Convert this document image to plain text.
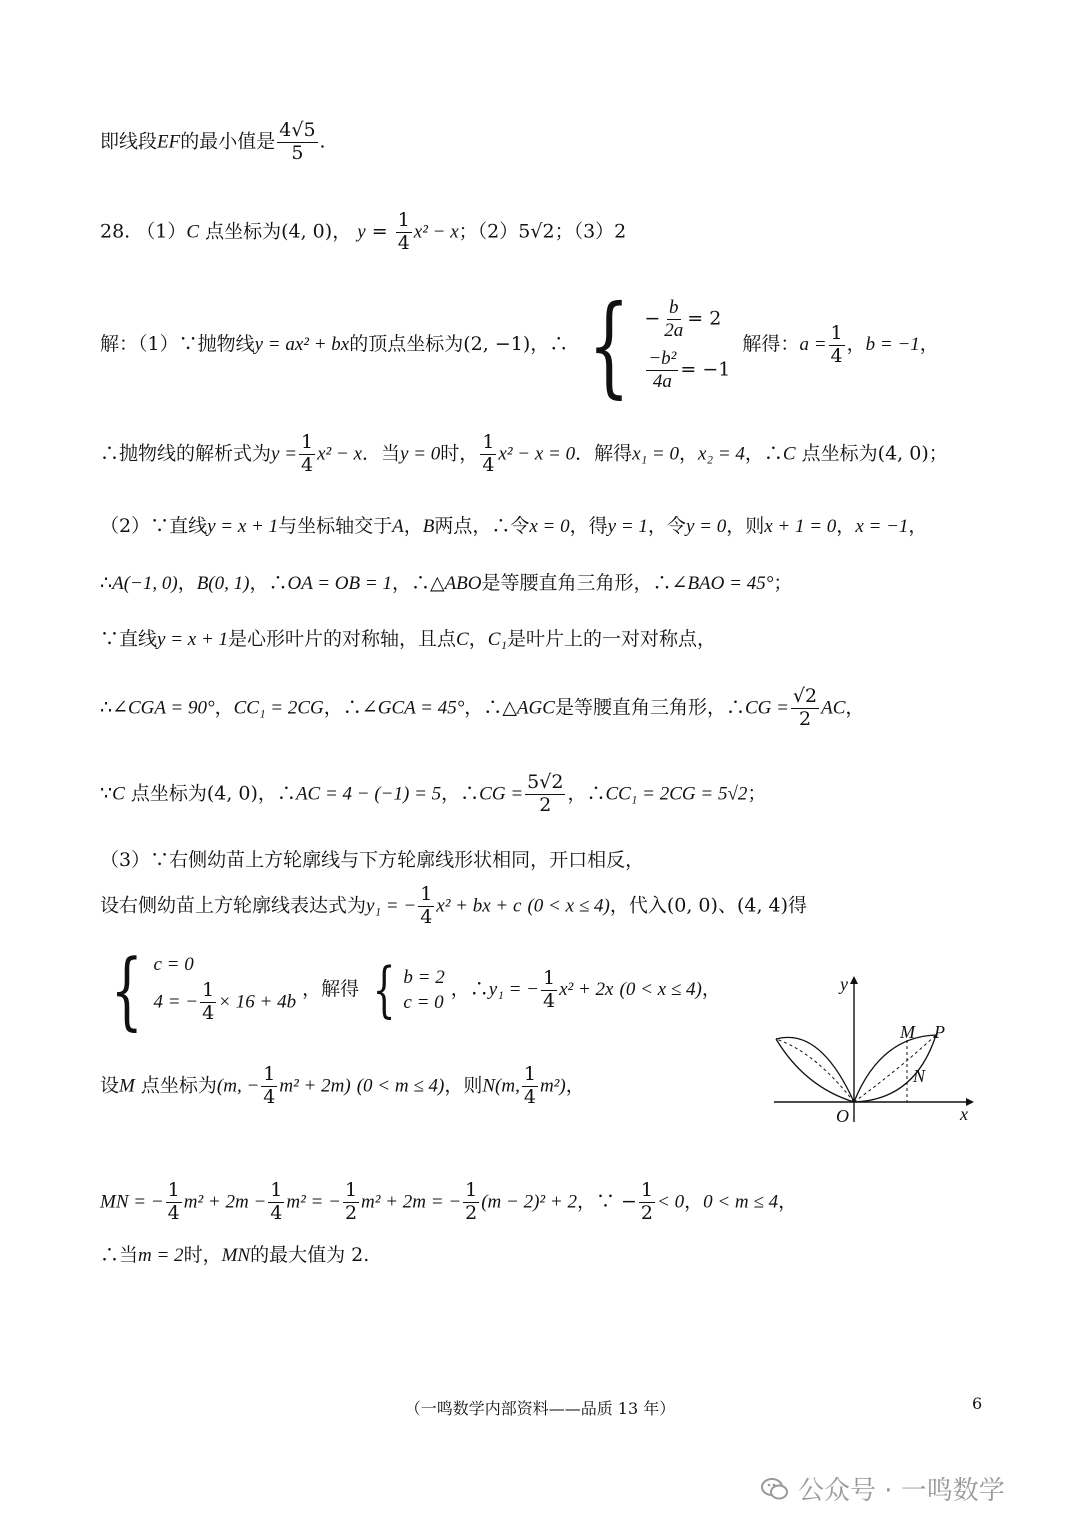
即线段EF的最小值是 $\frac{4√5}{5}$ .
28. （1）C 点坐标为(4, 0)， $y = \frac{1}{4} x^2 - x$；（2）5√2；（3）2
解：（1）∵抛物线y = ax² + bx的顶点坐标为(2, −1)，∴ { − $\frac{b}{2a} = 2$
$\frac{\text{−b²}}{4a} = -1$
解得：$a = \frac{1}{4}$ ，b = −1，
∴抛物线的解析式为$y = \frac{1}{4} x^2 - x$．当y = 0时， $\frac{1}{4} x^2 - x = 0$．解得x₁ = 0，x₂ = 4，∴C 点坐标为(4, 0)；
（2）∵直线y = x + 1与坐标轴交于A，B两点，∴令x = 0，得y = 1，令y = 0，则x + 1 = 0，x = −1，
∴A(−1, 0)，B(0, 1)，∴OA = OB = 1，∴△ABO是等腰直角三角形，∴∠BAO = 45°；
∵直线y = x + 1是心形叶片的对称轴，且点C，C₁是叶片上的一对对称点，
∴∠CGA = 90°，CC₁ = 2CG，∴∠GCA = 45°，∴△AGC是等腰直角三角形，∴CG = $\frac{√2}{2}$ AC，
∵C 点坐标为(4, 0)，∴AC = 4 − (−1) = 5，∴CG = $\frac{5√2}{2}$ ，∴CC₁ = 2CG = 5√2；
（3）∵右侧幼苗上方轮廓线与下方轮廓线形状相同，开口相反，
设右侧幼苗上方轮廓线表达式为y₁ = − $\frac{1}{4} x^2$ + bx + c (0 < x ≤ 4)，代入(0, 0)、(4, 4)得
{ c = 0
4 = − $\frac{1}{4} \times 16 + 4b$
，解得 { b = 2
c = 0
，∴y₁ = − $\frac{1}{4} x^2 + 2x$ (0 < x ≤ 4)，
设M 点坐标为(m, − $\frac{1}{4} m^2 + 2m$) (0 < m ≤ 4)，则N(m, $\frac{1}{4} m^2$)，
MN = − $\frac{1}{4} m^2 + 2m - \frac{1}{4} m^2$ = − $\frac{1}{2} m^2 + 2m$ = − $\frac{1}{2} (m - 2)^2 + 2$，∵ − $\frac{1}{2} < 0$，0 < m ≤ 4，
∴当m = 2时，MN的最大值为 2.
y
x
O
M P
N
（一鸣数学内部资料——品质 13 年）	6
公众号 · 一鸣数学
